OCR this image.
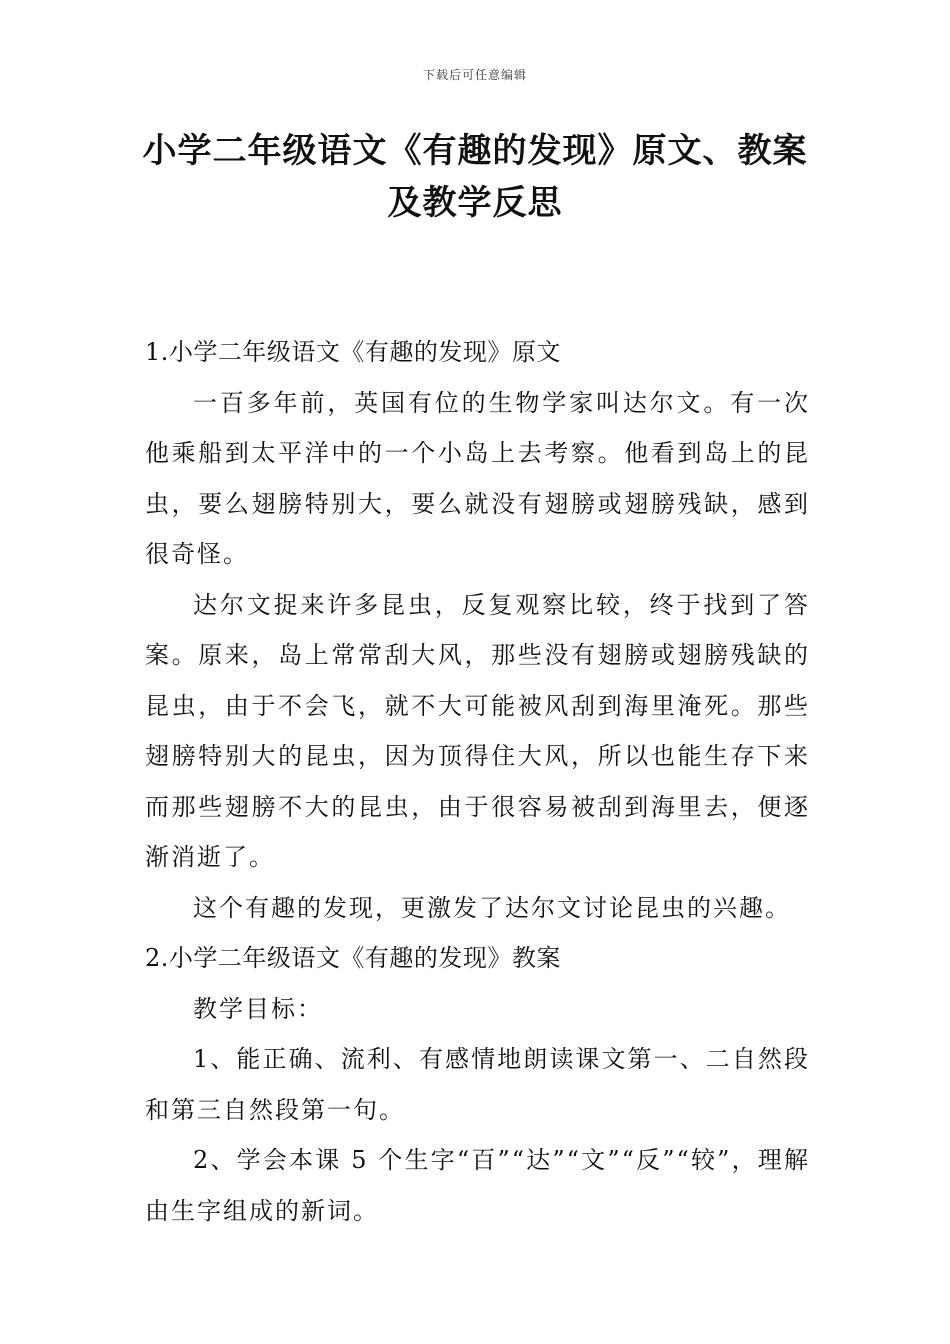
下载后可任意编辑
小学二年级语文《有趣的发现》原文、教案及教学反思

1.小学二年级语文《有趣的发现》原文

一百多年前，英国有位的生物学家叫达尔文。有一次他乘船到太平洋中的一个小岛上去考察。他看到岛上的昆虫，要么翅膀特别大，要么就没有翅膀或翅膀残缺，感到很奇怪。

达尔文捉来许多昆虫，反复观察比较，终于找到了答案。原来，岛上常常刮大风，那些没有翅膀或翅膀残缺的昆虫，由于不会飞，就不大可能被风刮到海里淹死。那些翅膀特别大的昆虫，因为顶得住大风，所以也能生存下来而那些翅膀不大的昆虫，由于很容易被刮到海里去，便逐渐消逝了。

这个有趣的发现，更激发了达尔文讨论昆虫的兴趣。

2.小学二年级语文《有趣的发现》教案

教学目标：

1、能正确、流利、有感情地朗读课文第一、二自然段和第三自然段第一句。

2、学会本课 5 个生字“百”“达”“文”“反”“较”，理解由生字组成的新词。
